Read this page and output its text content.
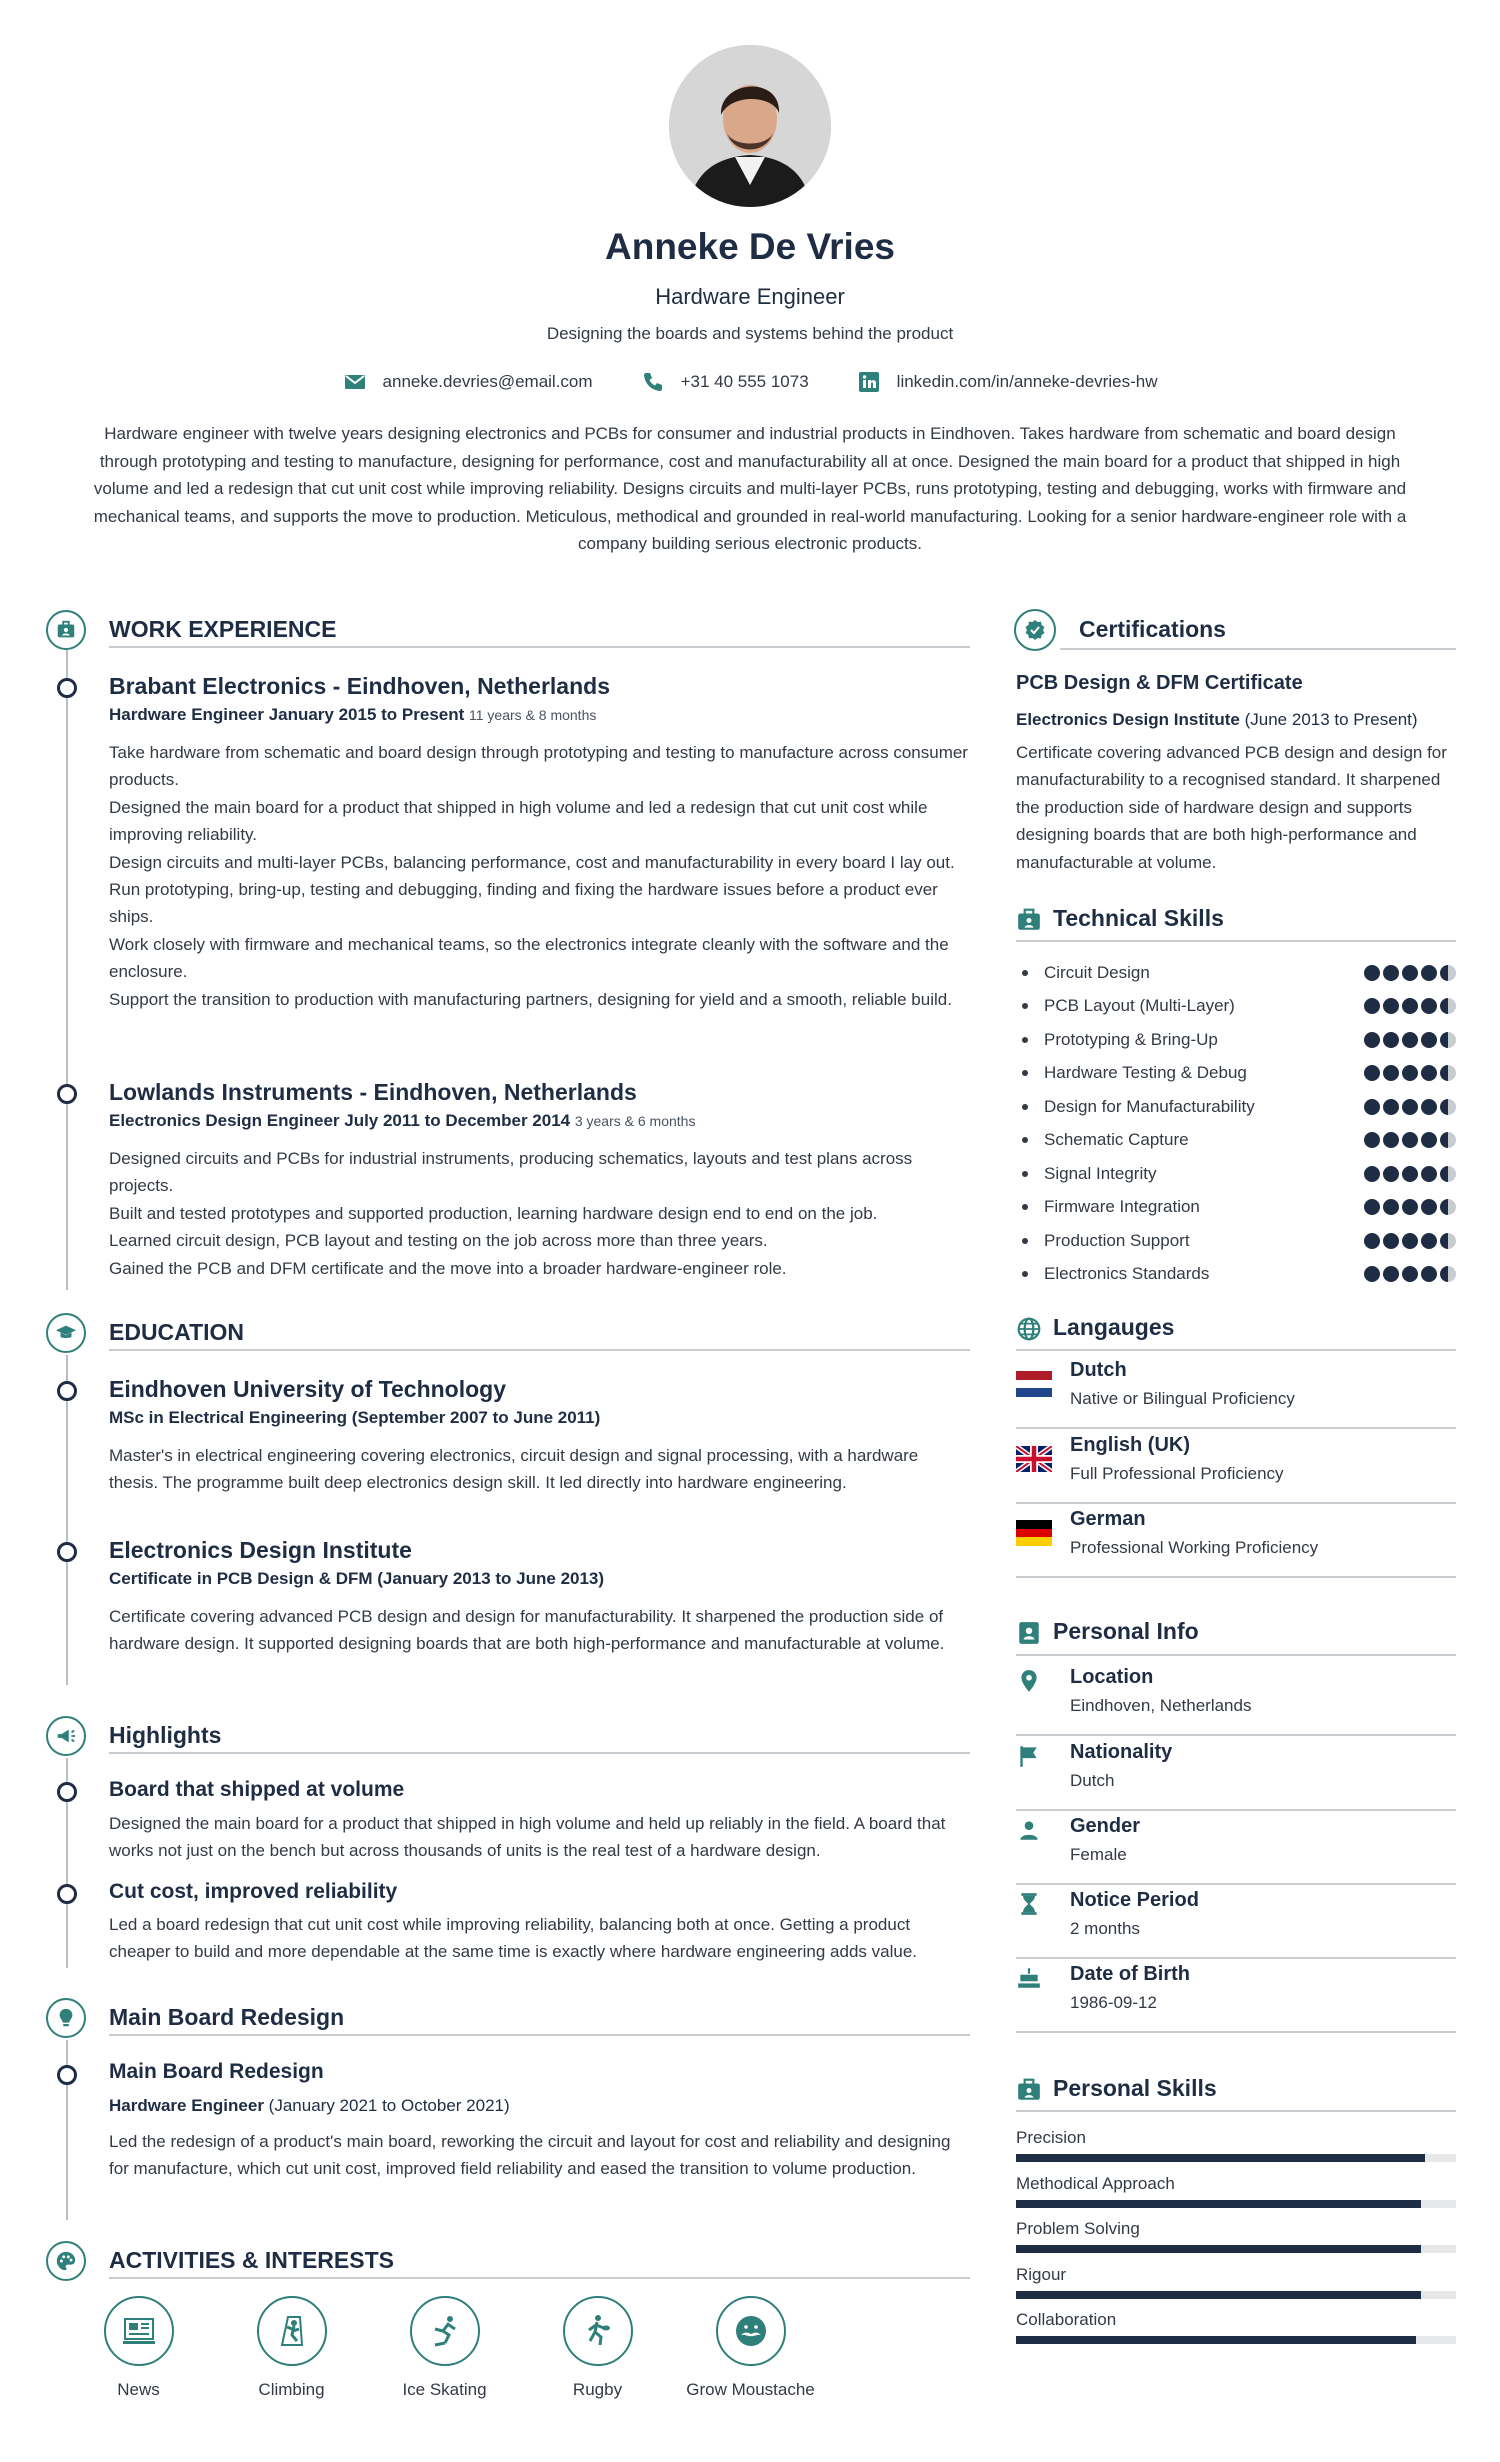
Anneke De Vries
Hardware Engineer
Designing the boards and systems behind the product
anneke.devries@email.com	+31 40 555 1073	linkedin.com/in/anneke-devries-hw
Hardware engineer with twelve years designing electronics and PCBs for consumer and industrial products in Eindhoven. Takes hardware from schematic and board design through prototyping and testing to manufacture, designing for performance, cost and manufacturability all at once. Designed the main board for a product that shipped in high volume and led a redesign that cut unit cost while improving reliability. Designs circuits and multi-layer PCBs, runs prototyping, testing and debugging, works with firmware and mechanical teams, and supports the move to production. Meticulous, methodical and grounded in real-world manufacturing. Looking for a senior hardware-engineer role with a company building serious electronic products.
WORK EXPERIENCE
Brabant Electronics - Eindhoven, Netherlands
Hardware Engineer January 2015 to Present 11 years & 8 months
Take hardware from schematic and board design through prototyping and testing to manufacture across consumer products.
Designed the main board for a product that shipped in high volume and led a redesign that cut unit cost while improving reliability.
Design circuits and multi-layer PCBs, balancing performance, cost and manufacturability in every board I lay out.
Run prototyping, bring-up, testing and debugging, finding and fixing the hardware issues before a product ever ships.
Work closely with firmware and mechanical teams, so the electronics integrate cleanly with the software and the enclosure.
Support the transition to production with manufacturing partners, designing for yield and a smooth, reliable build.
Lowlands Instruments - Eindhoven, Netherlands
Electronics Design Engineer July 2011 to December 2014 3 years & 6 months
Designed circuits and PCBs for industrial instruments, producing schematics, layouts and test plans across projects.
Built and tested prototypes and supported production, learning hardware design end to end on the job.
Learned circuit design, PCB layout and testing on the job across more than three years.
Gained the PCB and DFM certificate and the move into a broader hardware-engineer role.
EDUCATION
Eindhoven University of Technology
MSc in Electrical Engineering (September 2007 to June 2011)
Master's in electrical engineering covering electronics, circuit design and signal processing, with a hardware thesis. The programme built deep electronics design skill. It led directly into hardware engineering.
Electronics Design Institute
Certificate in PCB Design & DFM (January 2013 to June 2013)
Certificate covering advanced PCB design and design for manufacturability. It sharpened the production side of hardware design. It supported designing boards that are both high-performance and manufacturable at volume.
Highlights
Board that shipped at volume
Designed the main board for a product that shipped in high volume and held up reliably in the field. A board that works not just on the bench but across thousands of units is the real test of a hardware design.
Cut cost, improved reliability
Led a board redesign that cut unit cost while improving reliability, balancing both at once. Getting a product cheaper to build and more dependable at the same time is exactly where hardware engineering adds value.
Main Board Redesign
Main Board Redesign
Hardware Engineer (January 2021 to October 2021)
Led the redesign of a product's main board, reworking the circuit and layout for cost and reliability and designing for manufacture, which cut unit cost, improved field reliability and eased the transition to volume production.
ACTIVITIES & INTERESTS
News	Climbing	Ice Skating	Rugby	Grow Moustache
Certifications
PCB Design & DFM Certificate
Electronics Design Institute (June 2013 to Present)
Certificate covering advanced PCB design and design for manufacturability to a recognised standard. It sharpened the production side of hardware design and supports designing boards that are both high-performance and manufacturable at volume.
Technical Skills
Circuit Design
PCB Layout (Multi-Layer)
Prototyping & Bring-Up
Hardware Testing & Debug
Design for Manufacturability
Schematic Capture
Signal Integrity
Firmware Integration
Production Support
Electronics Standards
Langauges
Dutch
Native or Bilingual Proficiency
English (UK)
Full Professional Proficiency
German
Professional Working Proficiency
Personal Info
Location
Eindhoven, Netherlands
Nationality
Dutch
Gender
Female
Notice Period
2 months
Date of Birth
1986-09-12
Personal Skills
Precision
Methodical Approach
Problem Solving
Rigour
Collaboration
